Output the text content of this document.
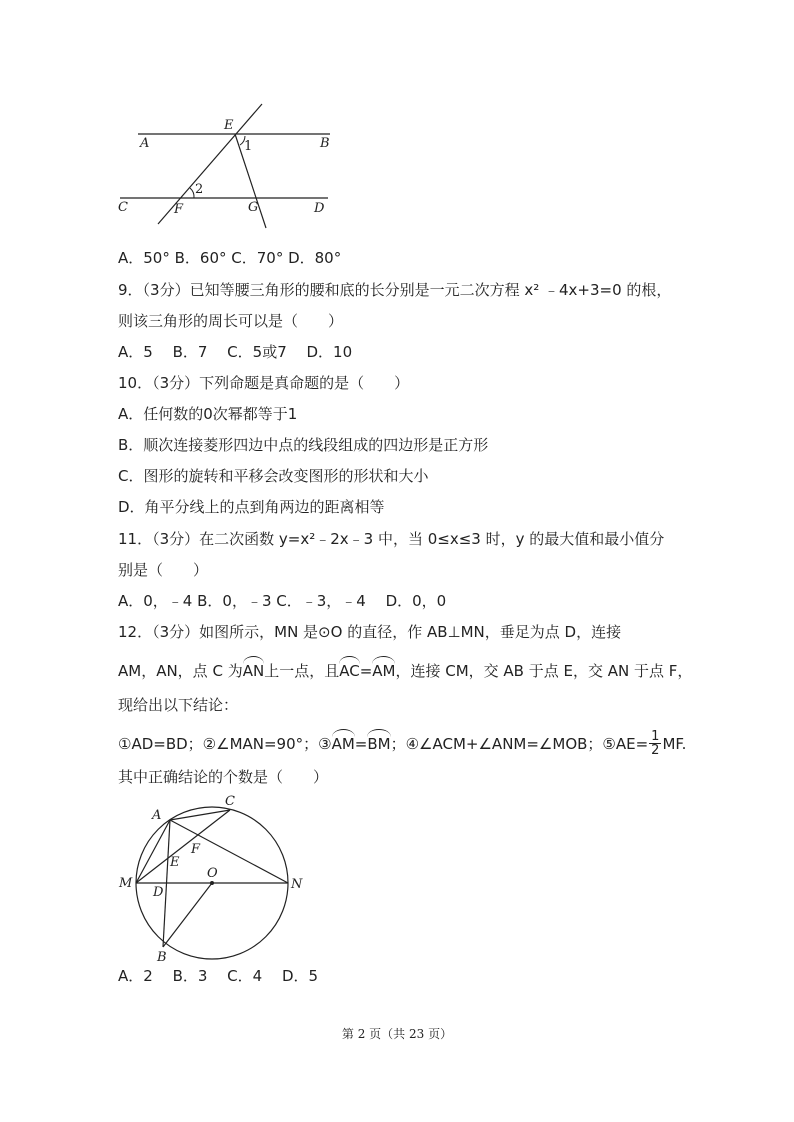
A	B
C	D
E
F	G
1
2
A．50° B．60° C．70° D．80°
9．（3分）已知等腰三角形的腰和底的长分别是一元二次方程 x² ﹣4x+3=0 的根，
则该三角形的周长可以是（　　）
A．5　 B．7　 C．5或7　 D．10
10．（3分）下列命题是真命题的是（　　）
A．任何数的0次幂都等于1
B．顺次连接菱形四边中点的线段组成的四边形是正方形
C．图形的旋转和平移会改变图形的形状和大小
D．角平分线上的点到角两边的距离相等
11．（3分）在二次函数 y=x²﹣2x﹣3 中，当 0≤x≤3 时，y 的最大值和最小值分
别是（　　）
A．0，﹣4 B．0，﹣3 C．﹣3，﹣4　 D．0，0
12．（3分）如图所示，MN 是⊙O 的直径，作 AB⊥MN，垂足为点 D，连接
AM，AN，点 C 为AN上一点，且AC=AM，连接 CM，交 AB 于点 E，交 AN 于点 F，
现给出以下结论：
①AD=BD；②∠MAN=90°；③AM=BM；④∠ACM+∠ANM=∠MOB；⑤AE= $\frac{1}{2}$ MF.
其中正确结论的个数是（　　）
A
B
C
D
E
F
M	N
O
A．2　 B．3　 C．4　 D．5
第 2 页（共 23 页）
